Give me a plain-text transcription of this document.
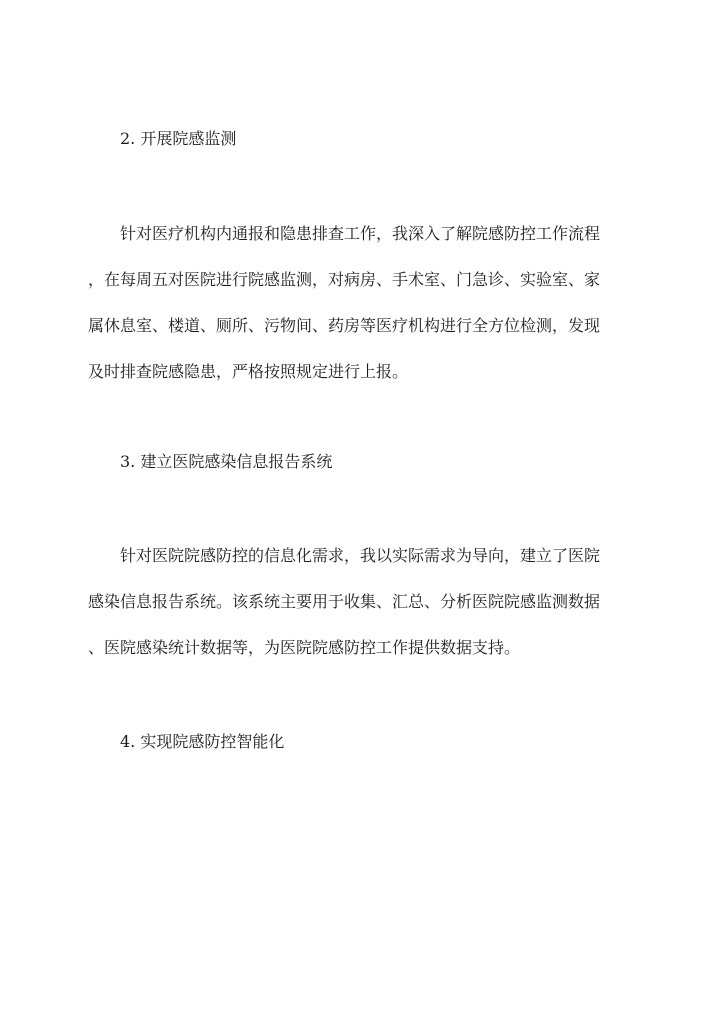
2. 开展院感监测
针对医疗机构内通报和隐患排查工作，我深入了解院感防控工作流程
，在每周五对医院进行院感监测，对病房、手术室、门急诊、实验室、家
属休息室、楼道、厕所、污物间、药房等医疗机构进行全方位检测，发现
及时排查院感隐患，严格按照规定进行上报。
3. 建立医院感染信息报告系统
针对医院院感防控的信息化需求，我以实际需求为导向，建立了医院
感染信息报告系统。该系统主要用于收集、汇总、分析医院院感监测数据
、医院感染统计数据等，为医院院感防控工作提供数据支持。
4. 实现院感防控智能化
